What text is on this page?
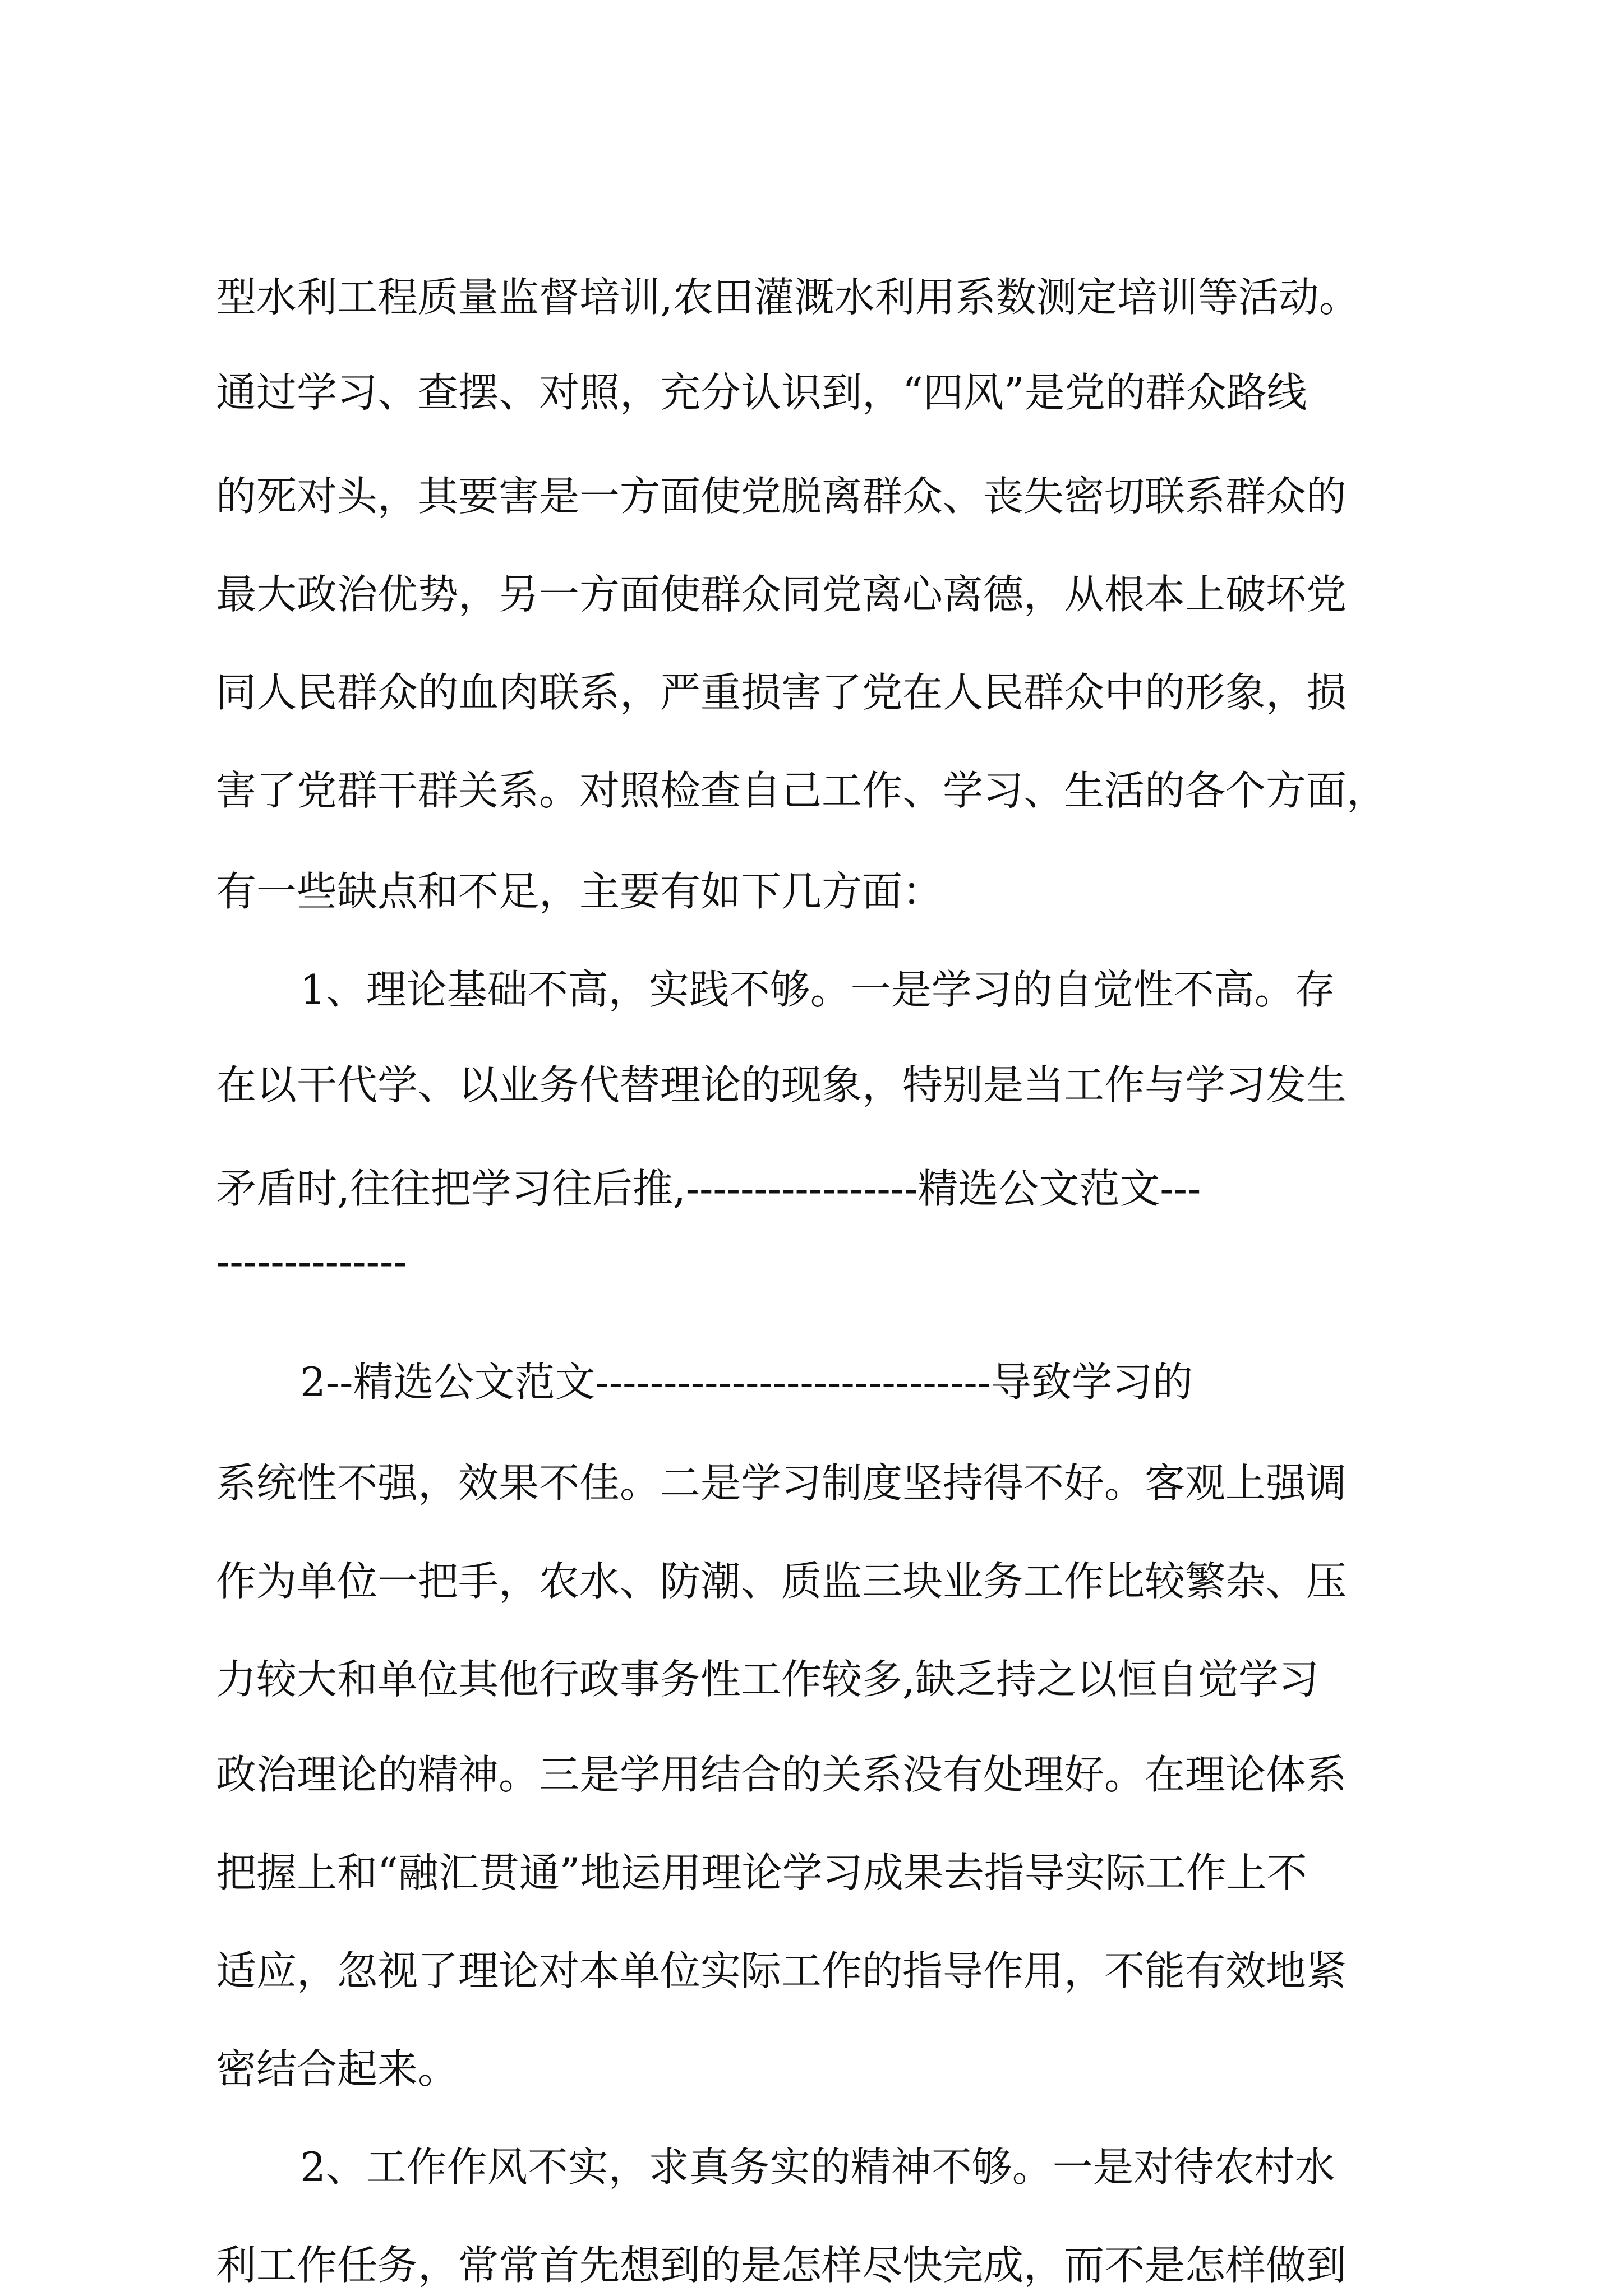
型水利工程质量监督培训,农田灌溉水利用系数测定培训等活动。
通过学习、查摆、对照，充分认识到，“四风”是党的群众路线
的死对头，其要害是一方面使党脱离群众、丧失密切联系群众的
最大政治优势，另一方面使群众同党离心离德，从根本上破坏党
同人民群众的血肉联系，严重损害了党在人民群众中的形象，损
害了党群干群关系。对照检查自己工作、学习、生活的各个方面，
有一些缺点和不足，主要有如下几方面：
1、理论基础不高，实践不够。一是学习的自觉性不高。存
在以干代学、以业务代替理论的现象，特别是当工作与学习发生
矛盾时,往往把学习往后推,-----------------精选公文范文---
--------------
2--精选公文范文-----------------------------导致学习的
系统性不强，效果不佳。二是学习制度坚持得不好。客观上强调
作为单位一把手，农水、防潮、质监三块业务工作比较繁杂、压
力较大和单位其他行政事务性工作较多,缺乏持之以恒自觉学习
政治理论的精神。三是学用结合的关系没有处理好。在理论体系
把握上和“融汇贯通”地运用理论学习成果去指导实际工作上不
适应，忽视了理论对本单位实际工作的指导作用，不能有效地紧
密结合起来。
2、工作作风不实，求真务实的精神不够。一是对待农村水
利工作任务，常常首先想到的是怎样尽快完成，而不是怎样做到
